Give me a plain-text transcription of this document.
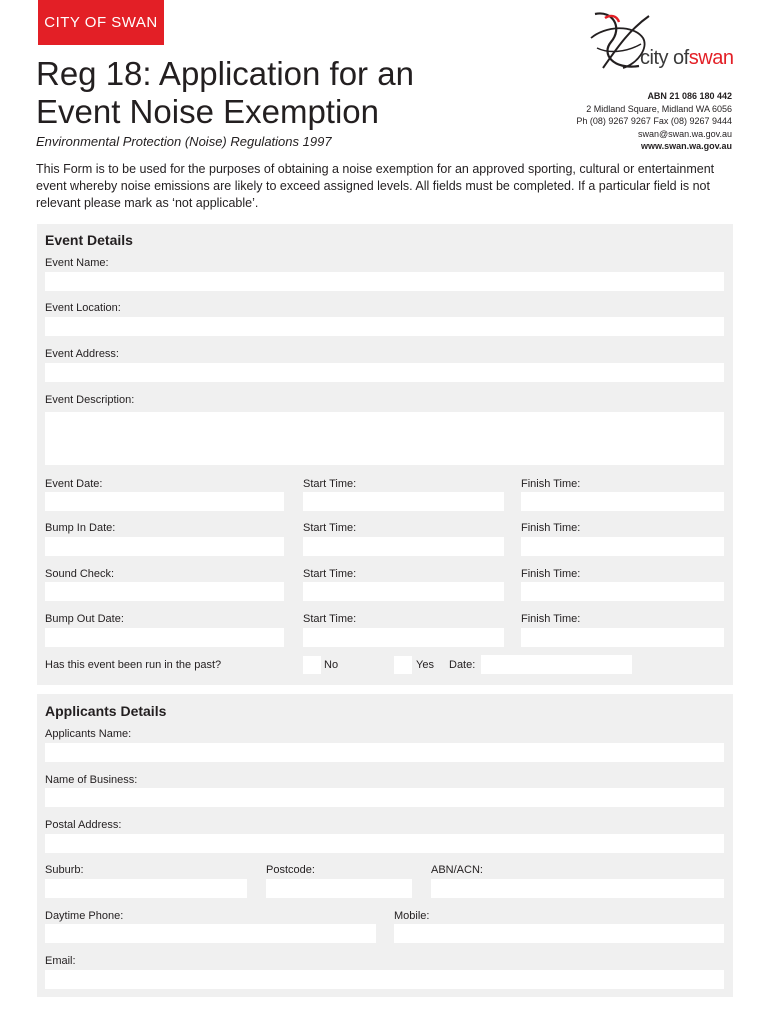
CITY OF SWAN
Reg 18: Application for an
Event Noise Exemption
Environmental Protection (Noise) Regulations 1997
city ofswan
ABN 21 086 180 442
2 Midland Square, Midland WA 6056
Ph (08) 9267 9267 Fax (08) 9267 9444
swan@swan.wa.gov.au
www.swan.wa.gov.au
This Form is to be used for the purposes of obtaining a noise exemption for an approved sporting, cultural or entertainment event whereby noise emissions are likely to exceed assigned levels. All fields must be completed. If a particular field is not relevant please mark as ‘not applicable’.
Event Details
Event Name:
Event Location:
Event Address:
Event Description:
Event Date:	Start Time:	Finish Time:
Bump In Date:	Start Time:	Finish Time:
Sound Check:	Start Time:	Finish Time:
Bump Out Date:	Start Time:	Finish Time:
Has this event been run in the past?	No	Yes Date:
Applicants Details
Applicants Name:
Name of Business:
Postal Address:
Suburb:	Postcode:	ABN/ACN:
Daytime Phone:	Mobile:
Email:
